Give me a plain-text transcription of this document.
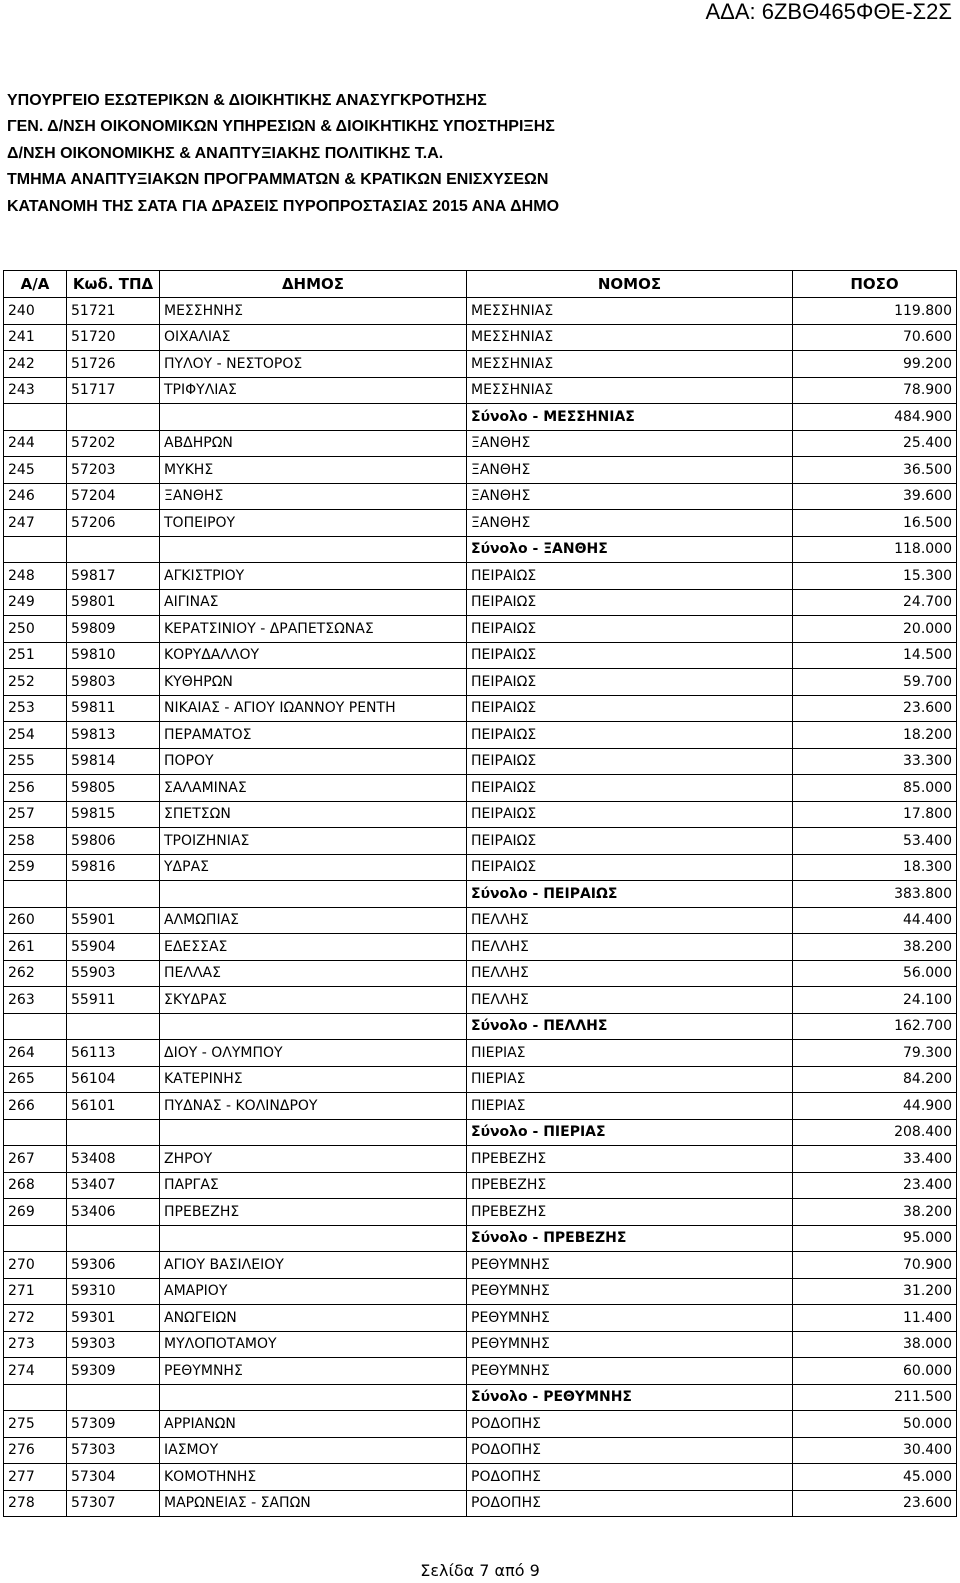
ΑΔΑ: 6ΖΒΘ465ΦΘΕ-Σ2Σ
ΥΠΟΥΡΓΕΙΟ ΕΣΩΤΕΡΙΚΩΝ & ΔΙΟΙΚΗΤΙΚΗΣ ΑΝΑΣΥΓΚΡΟΤΗΣΗΣ
ΓΕΝ. Δ/ΝΣΗ ΟΙΚΟΝΟΜΙΚΩΝ ΥΠΗΡΕΣΙΩΝ & ΔΙΟΙΚΗΤΙΚΗΣ ΥΠΟΣΤΗΡΙΞΗΣ
Δ/ΝΣΗ ΟΙΚΟΝΟΜΙΚΗΣ & ΑΝΑΠΤΥΞΙΑΚΗΣ ΠΟΛΙΤΙΚΗΣ Τ.Α.
ΤΜΗΜΑ ΑΝΑΠΤΥΞΙΑΚΩΝ ΠΡΟΓΡΑΜΜΑΤΩΝ & ΚΡΑΤΙΚΩΝ ΕΝΙΣΧΥΣΕΩΝ
ΚΑΤΑΝΟΜΗ ΤΗΣ ΣΑΤΑ ΓΙΑ ΔΡΑΣΕΙΣ ΠΥΡΟΠΡΟΣΤΑΣΙΑΣ 2015 ΑΝΑ ΔΗΜΟ
Α/Α	Κωδ. ΤΠΔ	ΔΗΜΟΣ	ΝΟΜΟΣ	ΠΟΣΟ
240	51721	ΜΕΣΣΗΝΗΣ	ΜΕΣΣΗΝΙΑΣ	119.800
241	51720	ΟΙΧΑΛΙΑΣ	ΜΕΣΣΗΝΙΑΣ	70.600
242	51726	ΠΥΛΟΥ - ΝΕΣΤΟΡΟΣ	ΜΕΣΣΗΝΙΑΣ	99.200
243	51717	ΤΡΙΦΥΛΙΑΣ	ΜΕΣΣΗΝΙΑΣ	78.900
			Σύνολο - ΜΕΣΣΗΝΙΑΣ	484.900
244	57202	ΑΒΔΗΡΩΝ	ΞΑΝΘΗΣ	25.400
245	57203	ΜΥΚΗΣ	ΞΑΝΘΗΣ	36.500
246	57204	ΞΑΝΘΗΣ	ΞΑΝΘΗΣ	39.600
247	57206	ΤΟΠΕΙΡΟΥ	ΞΑΝΘΗΣ	16.500
			Σύνολο - ΞΑΝΘΗΣ	118.000
248	59817	ΑΓΚΙΣΤΡΙΟΥ	ΠΕΙΡΑΙΩΣ	15.300
249	59801	ΑΙΓΙΝΑΣ	ΠΕΙΡΑΙΩΣ	24.700
250	59809	ΚΕΡΑΤΣΙΝΙΟΥ - ΔΡΑΠΕΤΣΩΝΑΣ	ΠΕΙΡΑΙΩΣ	20.000
251	59810	ΚΟΡΥΔΑΛΛΟΥ	ΠΕΙΡΑΙΩΣ	14.500
252	59803	ΚΥΘΗΡΩΝ	ΠΕΙΡΑΙΩΣ	59.700
253	59811	ΝΙΚΑΙΑΣ - ΑΓΙΟΥ ΙΩΑΝΝΟΥ ΡΕΝΤΗ	ΠΕΙΡΑΙΩΣ	23.600
254	59813	ΠΕΡΑΜΑΤΟΣ	ΠΕΙΡΑΙΩΣ	18.200
255	59814	ΠΟΡΟΥ	ΠΕΙΡΑΙΩΣ	33.300
256	59805	ΣΑΛΑΜΙΝΑΣ	ΠΕΙΡΑΙΩΣ	85.000
257	59815	ΣΠΕΤΣΩΝ	ΠΕΙΡΑΙΩΣ	17.800
258	59806	ΤΡΟΙΖΗΝΙΑΣ	ΠΕΙΡΑΙΩΣ	53.400
259	59816	ΥΔΡΑΣ	ΠΕΙΡΑΙΩΣ	18.300
			Σύνολο - ΠΕΙΡΑΙΩΣ	383.800
260	55901	ΑΛΜΩΠΙΑΣ	ΠΕΛΛΗΣ	44.400
261	55904	ΕΔΕΣΣΑΣ	ΠΕΛΛΗΣ	38.200
262	55903	ΠΕΛΛΑΣ	ΠΕΛΛΗΣ	56.000
263	55911	ΣΚΥΔΡΑΣ	ΠΕΛΛΗΣ	24.100
			Σύνολο - ΠΕΛΛΗΣ	162.700
264	56113	ΔΙΟΥ - ΟΛΥΜΠΟΥ	ΠΙΕΡΙΑΣ	79.300
265	56104	ΚΑΤΕΡΙΝΗΣ	ΠΙΕΡΙΑΣ	84.200
266	56101	ΠΥΔΝΑΣ - ΚΟΛΙΝΔΡΟΥ	ΠΙΕΡΙΑΣ	44.900
			Σύνολο - ΠΙΕΡΙΑΣ	208.400
267	53408	ΖΗΡΟΥ	ΠΡΕΒΕΖΗΣ	33.400
268	53407	ΠΑΡΓΑΣ	ΠΡΕΒΕΖΗΣ	23.400
269	53406	ΠΡΕΒΕΖΗΣ	ΠΡΕΒΕΖΗΣ	38.200
			Σύνολο - ΠΡΕΒΕΖΗΣ	95.000
270	59306	ΑΓΙΟΥ ΒΑΣΙΛΕΙΟΥ	ΡΕΘΥΜΝΗΣ	70.900
271	59310	ΑΜΑΡΙΟΥ	ΡΕΘΥΜΝΗΣ	31.200
272	59301	ΑΝΩΓΕΙΩΝ	ΡΕΘΥΜΝΗΣ	11.400
273	59303	ΜΥΛΟΠΟΤΑΜΟΥ	ΡΕΘΥΜΝΗΣ	38.000
274	59309	ΡΕΘΥΜΝΗΣ	ΡΕΘΥΜΝΗΣ	60.000
			Σύνολο - ΡΕΘΥΜΝΗΣ	211.500
275	57309	ΑΡΡΙΑΝΩΝ	ΡΟΔΟΠΗΣ	50.000
276	57303	ΙΑΣΜΟΥ	ΡΟΔΟΠΗΣ	30.400
277	57304	ΚΟΜΟΤΗΝΗΣ	ΡΟΔΟΠΗΣ	45.000
278	57307	ΜΑΡΩΝΕΙΑΣ - ΣΑΠΩΝ	ΡΟΔΟΠΗΣ	23.600
Σελίδα 7 από 9
